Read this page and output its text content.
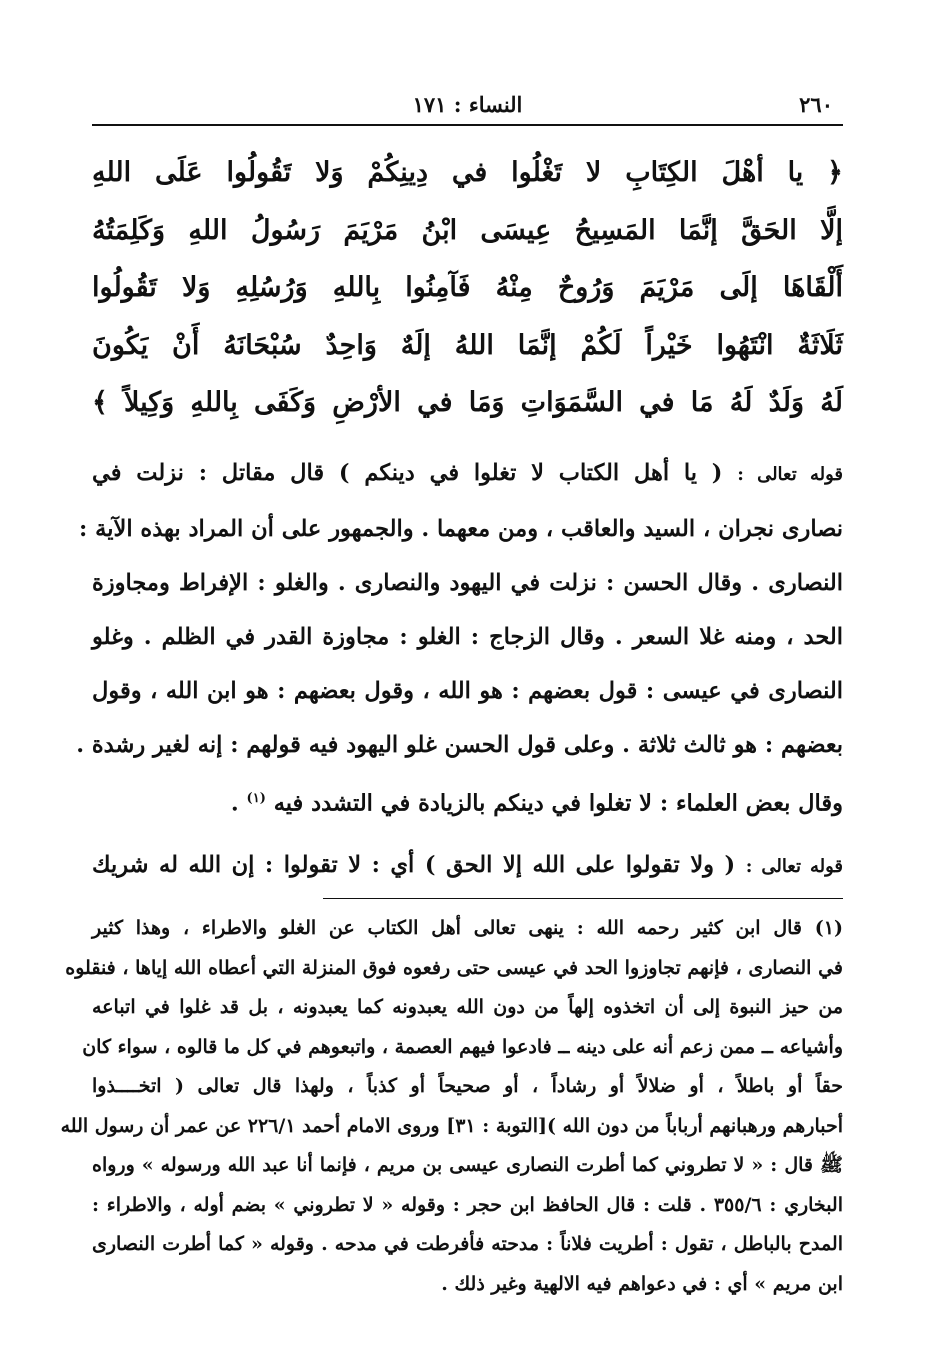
٢٦٠
النساء : ١٧١
﴿ يا أهْلَ الكِتَابِ لا تَغْلُوا في دِينِكُمْ وَلا تَقُولُوا عَلَى اللهِ
إلَّا الحَقَّ إنَّمَا المَسِيحُ عِيسَى ابْنُ مَرْيَمَ رَسُولُ اللهِ وَكَلِمَتُهُ
أَلْقَاهَا إلَى مَرْيَمَ وَرُوحٌ مِنْهُ فَآمِنُوا بِاللهِ وَرُسُلِهِ وَلا تَقُولُوا
ثَلَاثَةٌ انْتَهُوا خَيْراً لَكُمْ إنَّمَا اللهُ إلَهٌ وَاحِدٌ سُبْحَانَهُ أَنْ يَكُونَ
لَهُ وَلَدٌ لَهُ مَا في السَّمَوَاتِ وَمَا في الأرْضِ وَكَفَى بِاللهِ وَكِيلاً ﴾
قوله تعالى : ( يا أهل الكتاب لا تغلوا في دينكم ) قال مقاتل : نزلت في
نصارى نجران ، السيد والعاقب ، ومن معهما . والجمهور على أن المراد بهذه الآية :
النصارى . وقال الحسن : نزلت في اليهود والنصارى . والغلو : الإفراط ومجاوزة
الحد ، ومنه غلا السعر . وقال الزجاج : الغلو : مجاوزة القدر في الظلم . وغلو
النصارى في عيسى : قول بعضهم : هو الله ، وقول بعضهم : هو ابن الله ، وقول
بعضهم : هو ثالث ثلاثة . وعلى قول الحسن غلو اليهود فيه قولهم : إنه لغير رشدة .
وقال بعض العلماء : لا تغلوا في دينكم بالزيادة في التشدد فيه $^{(١)}$ .
قوله تعالى : ( ولا تقولوا على الله إلا الحق ) أي : لا تقولوا : إن الله له شريك
(١) قال ابن كثير رحمه الله : ينهى تعالى أهل الكتاب عن الغلو والاطراء ، وهذا كثير
في النصارى ، فإنهم تجاوزوا الحد في عيسى حتى رفعوه فوق المنزلة التي أعطاه الله إياها ، فنقلوه
من حيز النبوة إلى أن اتخذوه إلهاً من دون الله يعبدونه كما يعبدونه ، بل قد غلوا في اتباعه
وأشياعه ــ ممن زعم أنه على دينه ــ فادعوا فيهم العصمة ، واتبعوهم في كل ما قالوه ، سواء كان
حقاً أو باطلاً ، أو ضلالاً أو رشاداً ، أو صحيحاً أو كذباً ، ولهذا قال تعالى ( اتخــــذوا
أحبارهم ورهبانهم أرباباً من دون الله )[التوبة : ٣١] وروى الامام أحمد ٢٢٦/١ عن عمر أن رسول الله
ﷺ قال : « لا تطروني كما أطرت النصارى عيسى بن مريم ، فإنما أنا عبد الله ورسوله » ورواه
البخاري : ٣٥٥/٦ . قلت : قال الحافظ ابن حجر : وقوله « لا تطروني » بضم أوله ، والاطراء :
المدح بالباطل ، تقول : أطريت فلاناً : مدحته فأفرطت في مدحه . وقوله « كما أطرت النصارى
ابن مريم » أي : في دعواهم فيه الالهية وغير ذلك .
